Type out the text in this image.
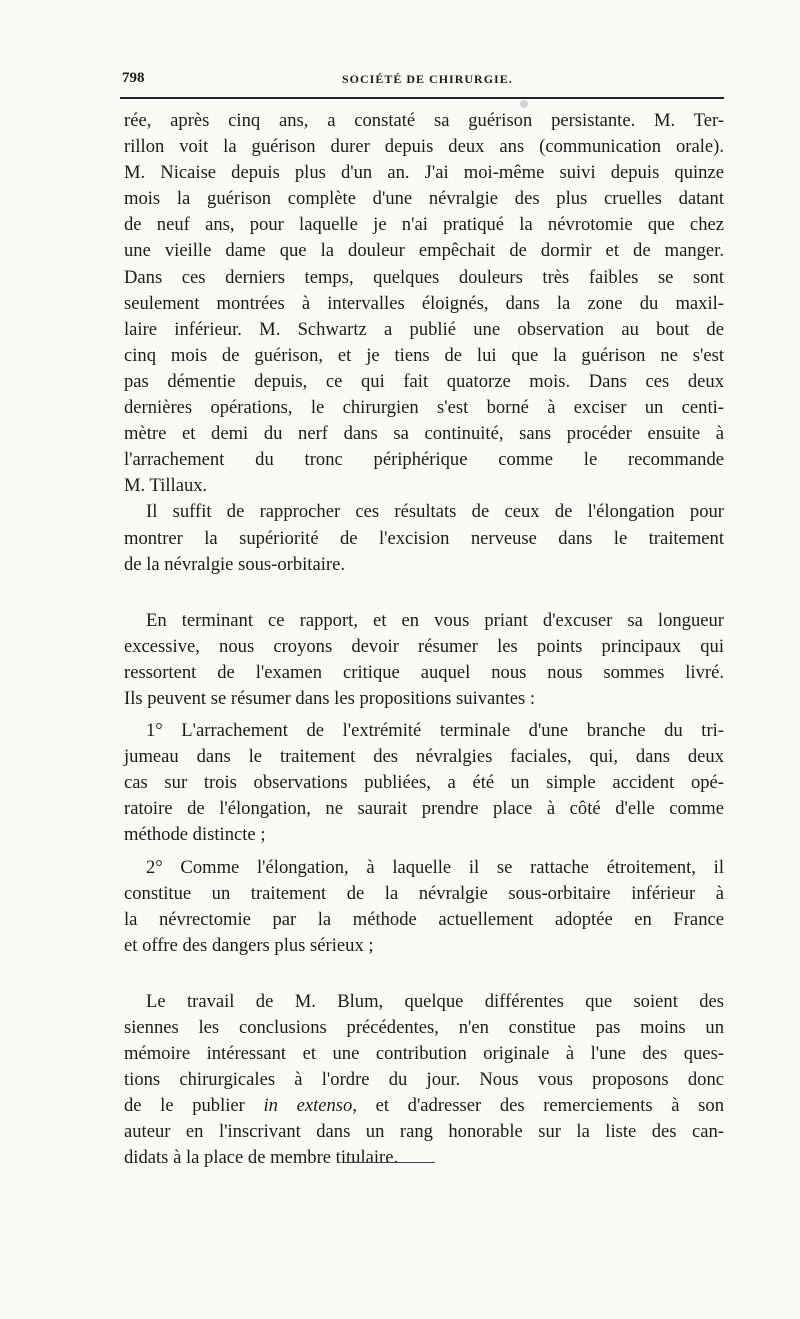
798	SOCIÉTÉ DE CHIRURGIE.
rée, après cinq ans, a constaté sa guérison persistante. M. Ter-
rillon voit la guérison durer depuis deux ans (communication orale).
M. Nicaise depuis plus d'un an. J'ai moi-même suivi depuis quinze
mois la guérison complète d'une névralgie des plus cruelles datant
de neuf ans, pour laquelle je n'ai pratiqué la névrotomie que chez
une vieille dame que la douleur empêchait de dormir et de manger.
Dans ces derniers temps, quelques douleurs très faibles se sont
seulement montrées à intervalles éloignés, dans la zone du maxil-
laire inférieur. M. Schwartz a publié une observation au bout de
cinq mois de guérison, et je tiens de lui que la guérison ne s'est
pas démentie depuis, ce qui fait quatorze mois. Dans ces deux
dernières opérations, le chirurgien s'est borné à exciser un centi-
mètre et demi du nerf dans sa continuité, sans procéder ensuite à
l'arrachement du tronc périphérique comme le recommande
M. Tillaux.
Il suffit de rapprocher ces résultats de ceux de l'élongation pour
montrer la supériorité de l'excision nerveuse dans le traitement
de la névralgie sous-orbitaire.
En terminant ce rapport, et en vous priant d'excuser sa longueur
excessive, nous croyons devoir résumer les points principaux qui
ressortent de l'examen critique auquel nous nous sommes livré.
Ils peuvent se résumer dans les propositions suivantes :
1° L'arrachement de l'extrémité terminale d'une branche du tri-
jumeau dans le traitement des névralgies faciales, qui, dans deux
cas sur trois observations publiées, a été un simple accident opé-
ratoire de l'élongation, ne saurait prendre place à côté d'elle comme
méthode distincte ;
2° Comme l'élongation, à laquelle il se rattache étroitement, il
constitue un traitement de la névralgie sous-orbitaire inférieur à
la névrectomie par la méthode actuellement adoptée en France
et offre des dangers plus sérieux ;
Le travail de M. Blum, quelque différentes que soient des
siennes les conclusions précédentes, n'en constitue pas moins un
mémoire intéressant et une contribution originale à l'une des ques-
tions chirurgicales à l'ordre du jour. Nous vous proposons donc
de le publier in extenso, et d'adresser des remerciements à son
auteur en l'inscrivant dans un rang honorable sur la liste des can-
didats à la place de membre titulaire.
